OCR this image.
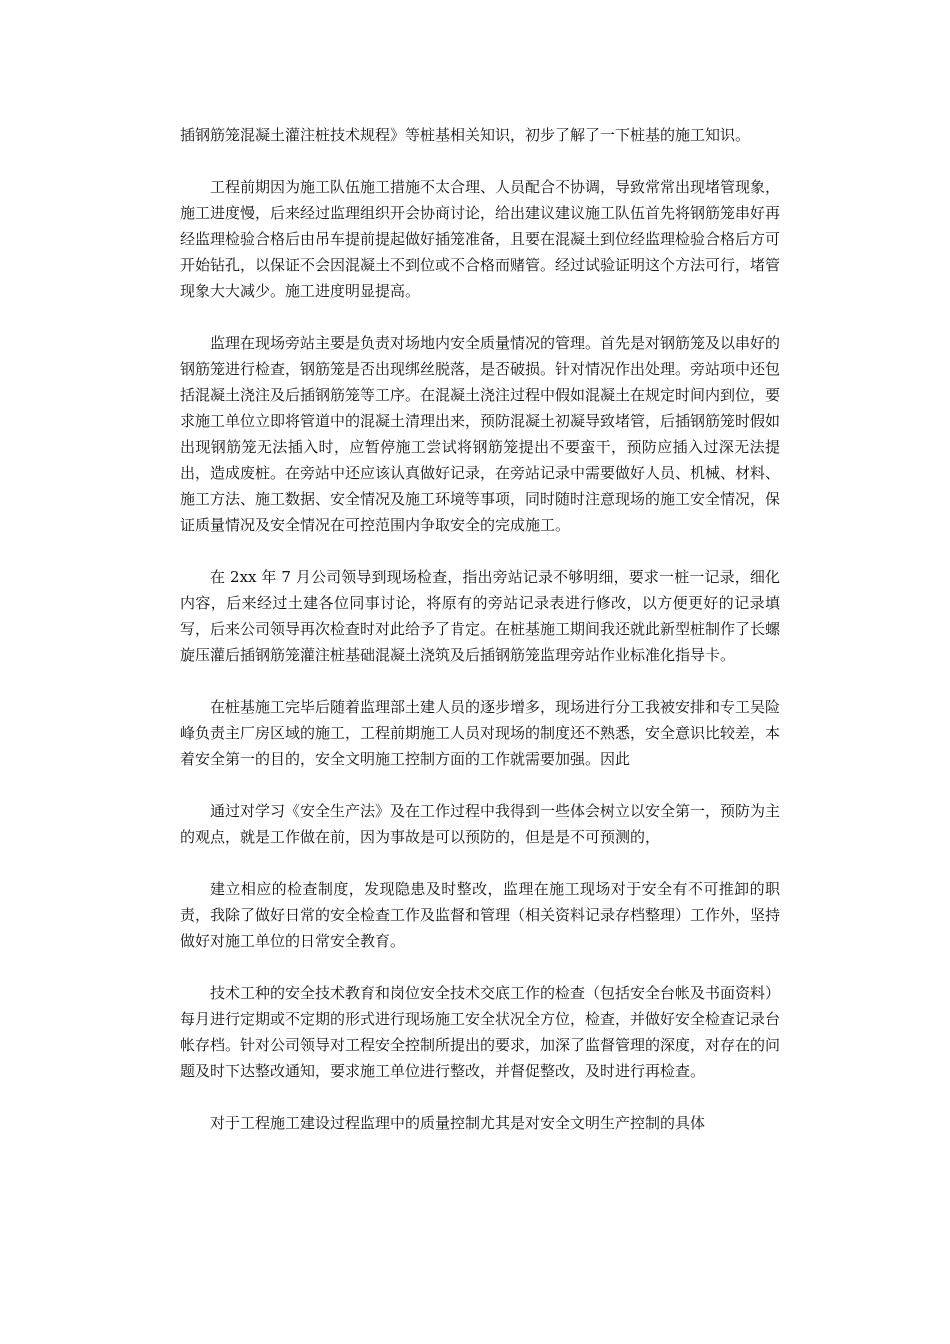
插钢筋笼混凝土灌注桩技术规程》等桩基相关知识，初步了解了一下桩基的施工知识。

工程前期因为施工队伍施工措施不太合理、人员配合不协调，导致常常出现堵管现象，施工进度慢，后来经过监理组织开会协商讨论，给出建议建议施工队伍首先将钢筋笼串好再经监理检验合格后由吊车提前提起做好插笼准备，且要在混凝土到位经监理检验合格后方可开始钻孔，以保证不会因混凝土不到位或不合格而赌管。经过试验证明这个方法可行，堵管现象大大减少。施工进度明显提高。

监理在现场旁站主要是负责对场地内安全质量情况的管理。首先是对钢筋笼及以串好的钢筋笼进行检查，钢筋笼是否出现绑丝脱落，是否破损。针对情况作出处理。旁站项中还包括混凝土浇注及后插钢筋笼等工序。在混凝土浇注过程中假如混凝土在规定时间内到位，要求施工单位立即将管道中的混凝土清理出来，预防混凝土初凝导致堵管，后插钢筋笼时假如出现钢筋笼无法插入时，应暂停施工尝试将钢筋笼提出不要蛮干，预防应插入过深无法提出，造成废桩。在旁站中还应该认真做好记录，在旁站记录中需要做好人员、机械、材料、施工方法、施工数据、安全情况及施工环境等事项，同时随时注意现场的施工安全情况，保证质量情况及安全情况在可控范围内争取安全的完成施工。

在 2xx 年 7 月公司领导到现场检查，指出旁站记录不够明细，要求一桩一记录，细化内容，后来经过土建各位同事讨论，将原有的旁站记录表进行修改，以方便更好的记录填写，后来公司领导再次检查时对此给予了肯定。在桩基施工期间我还就此新型桩制作了长螺旋压灌后插钢筋笼灌注桩基础混凝土浇筑及后插钢筋笼监理旁站作业标准化指导卡。

在桩基施工完毕后随着监理部土建人员的逐步增多，现场进行分工我被安排和专工吴险峰负责主厂房区域的施工，工程前期施工人员对现场的制度还不熟悉，安全意识比较差，本着安全第一的目的，安全文明施工控制方面的工作就需要加强。因此

通过对学习《安全生产法》及在工作过程中我得到一些体会树立以安全第一，预防为主的观点，就是工作做在前，因为事故是可以预防的，但是是不可预测的，

建立相应的检查制度，发现隐患及时整改，监理在施工现场对于安全有不可推卸的职责，我除了做好日常的安全检查工作及监督和管理（相关资料记录存档整理）工作外，坚持做好对施工单位的日常安全教育。

技术工种的安全技术教育和岗位安全技术交底工作的检查（包括安全台帐及书面资料）每月进行定期或不定期的形式进行现场施工安全状况全方位，检查，并做好安全检查记录台帐存档。针对公司领导对工程安全控制所提出的要求，加深了监督管理的深度，对存在的问题及时下达整改通知，要求施工单位进行整改，并督促整改，及时进行再检查。

对于工程施工建设过程监理中的质量控制尤其是对安全文明生产控制的具体
